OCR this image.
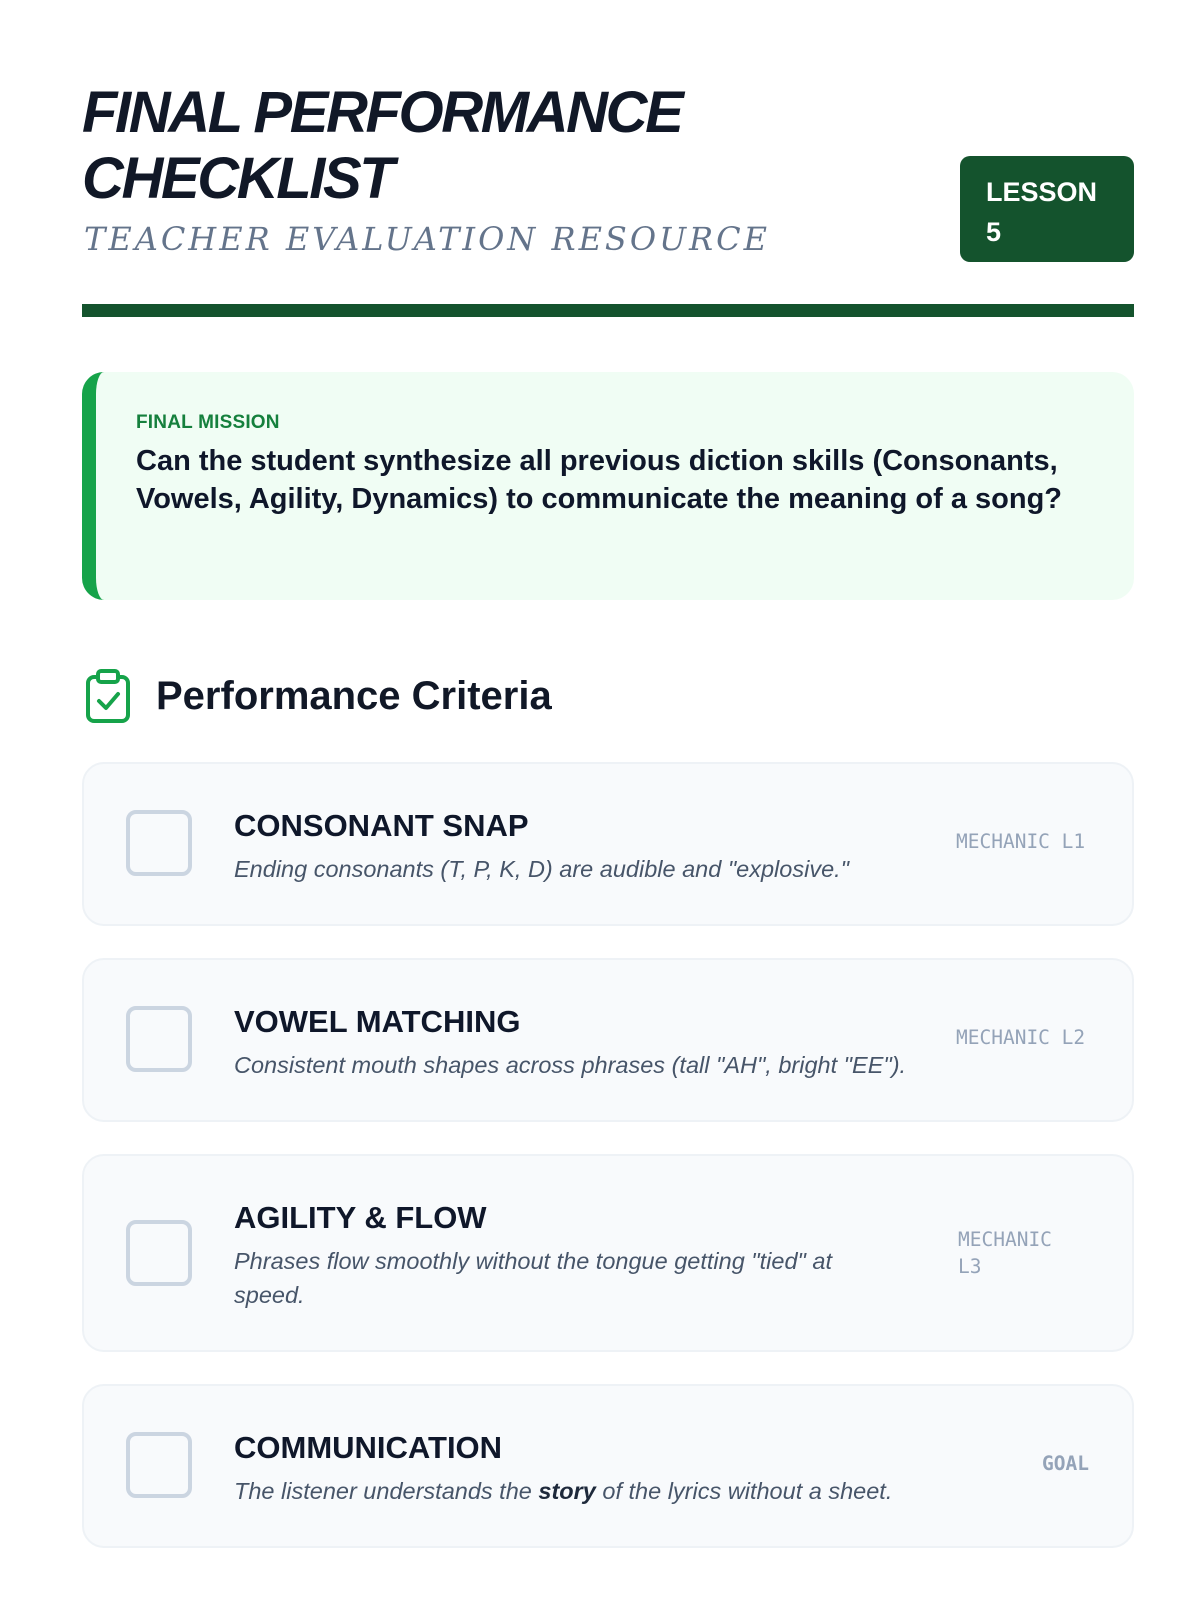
FINAL PERFORMANCE
CHECKLIST

TEACHER EVALUATION RESOURCE

LESSON
5

FINAL MISSION

Can the student synthesize all previous diction skills (Consonants, Vowels, Agility, Dynamics) to communicate the meaning of a song?

Performance Criteria

CONSONANT SNAP

Ending consonants (T, P, K, D) are audible and "explosive."

MECHANIC L1

VOWEL MATCHING

Consistent mouth shapes across phrases (tall "AH", bright "EE").

MECHANIC L2

AGILITY & FLOW

Phrases flow smoothly without the tongue getting "tied" at speed.

MECHANIC
L3

COMMUNICATION

The listener understands the story of the lyrics without a sheet.

GOAL
